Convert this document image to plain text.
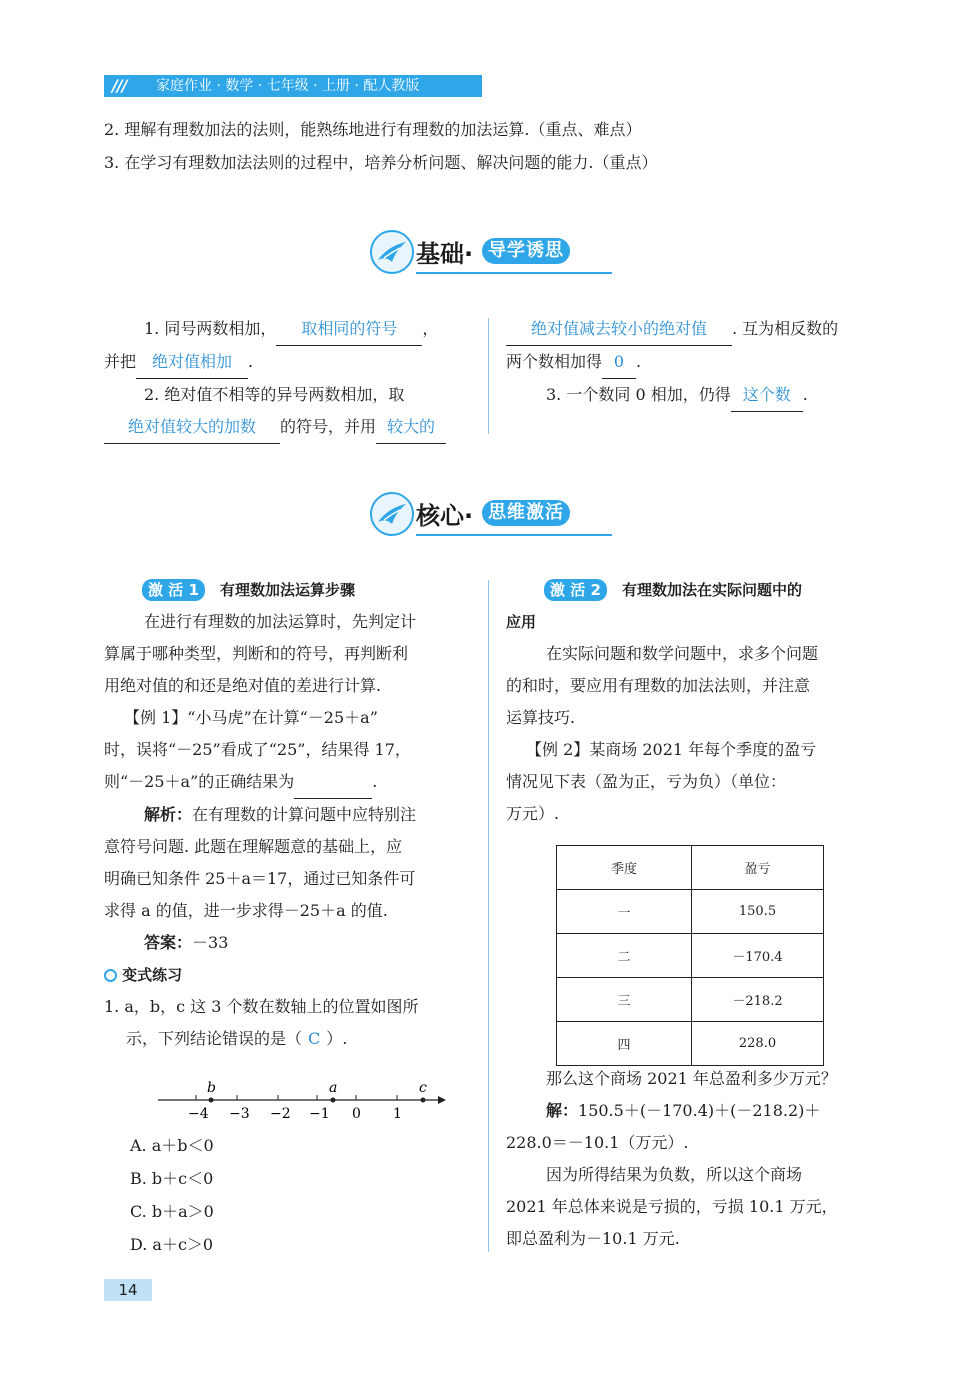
/// 家庭作业 · 数学 · 七年级 · 上册 · 配人教版
2. 理解有理数加法的法则，能熟练地进行有理数的加法运算.（重点、难点）
3. 在学习有理数加法法则的过程中，培养分析问题、解决问题的能力.（重点）
基础· 导学诱思
1. 同号两数相加， 取相同的符号 ，
并把 绝对值相加 .
2. 绝对值不相等的异号两数相加，取
绝对值较大的加数 的符号，并用 较大的
绝对值减去较小的绝对值 . 互为相反数的
两个数相加得 0 .
3. 一个数同 0 相加，仍得 这个数 .
核心· 思维激活
激 活 1 有理数加法运算步骤
在进行有理数的加法运算时，先判定计
算属于哪种类型，判断和的符号，再判断利
用绝对值的和还是绝对值的差进行计算.
【例 1】“小马虎”在计算“－25＋a”
时，误将“－25”看成了“25”，结果得 17，
则“－25＋a”的正确结果为	.
解析：在有理数的计算问题中应特别注
意符号问题. 此题在理解题意的基础上，应
明确已知条件 25＋a＝17，通过已知条件可
求得 a 的值，进一步求得－25＋a 的值.
答案：－33
变式练习
1. a，b，c 这 3 个数在数轴上的位置如图所
示，下列结论错误的是（ C ）.
−4 −3 −2 −1 0 1
b	a	c
A. a＋b＜0
B. b＋c＜0
C. b＋a＞0
D. a＋c＞0
激 活 2 有理数加法在实际问题中的
应用
在实际问题和数学问题中，求多个问题
的和时，要应用有理数的加法法则，并注意
运算技巧.
【例 2】某商场 2021 年每个季度的盈亏
情况见下表（盈为正，亏为负）（单位：
万元）.
季度	盈亏
一	150.5
二	－170.4
三	－218.2
四	228.0
那么这个商场 2021 年总盈利多少万元？
解：150.5＋(－170.4)＋(－218.2)＋
228.0＝－10.1（万元）.
因为所得结果为负数，所以这个商场
2021 年总体来说是亏损的，亏损 10.1 万元，
即总盈利为－10.1 万元.
14
